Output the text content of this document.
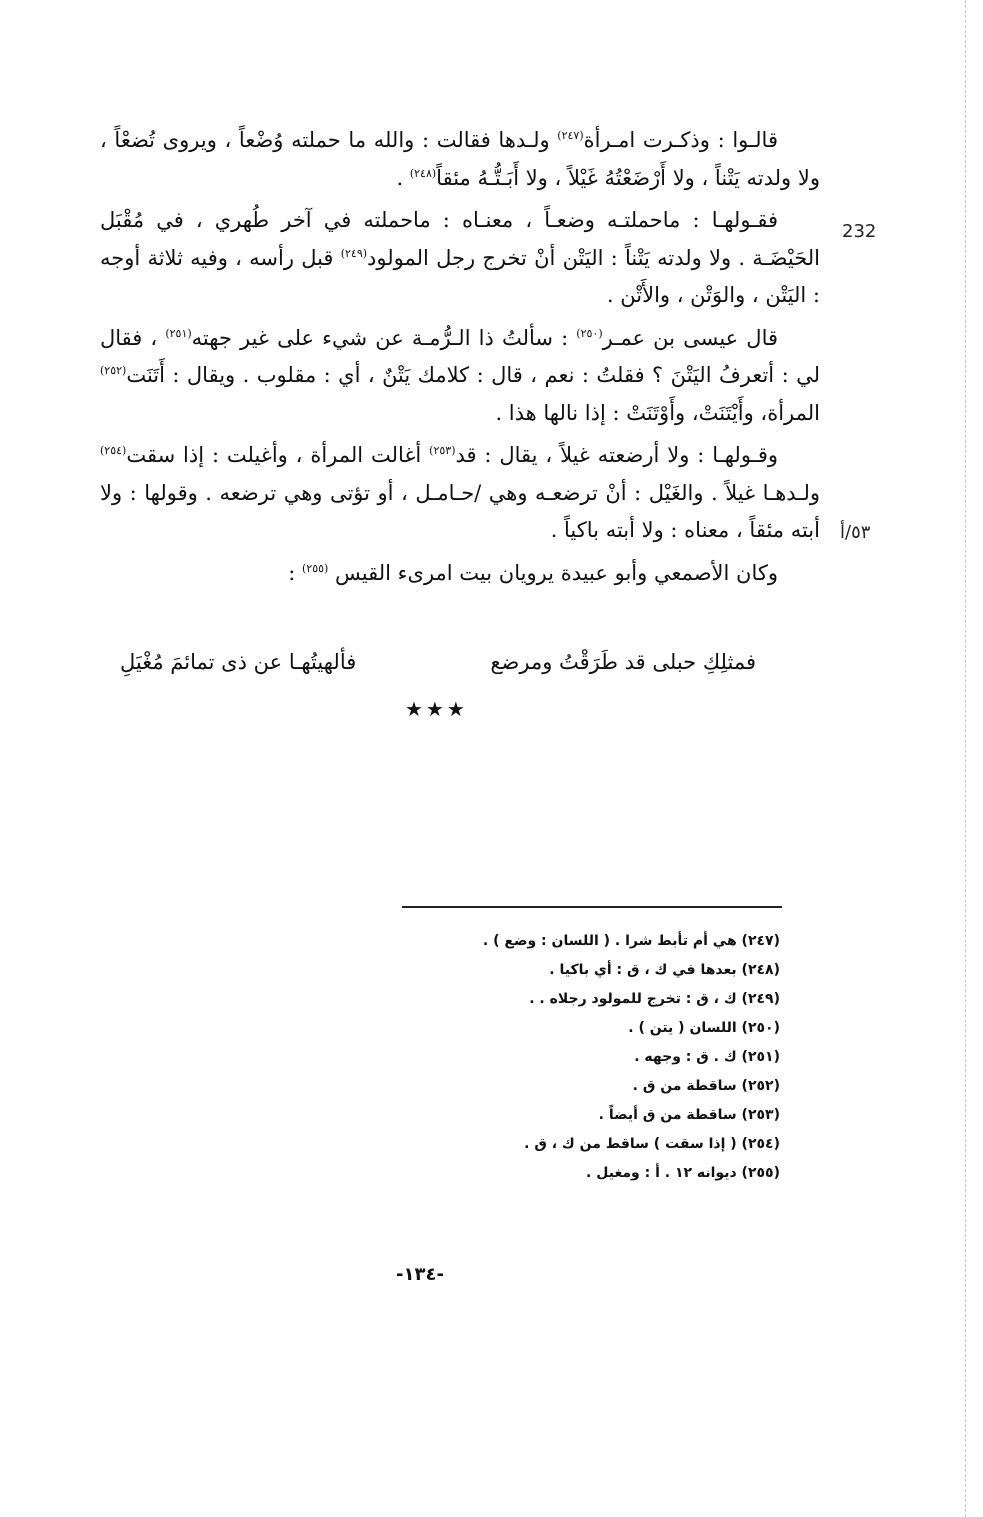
قالـوا : وذكـرت امـرأة$^{(٢٤٧)}$ ولـدها فقالت : والله ما حملته وُضْعاً ، ويروى تُضعْاً ، ولا ولدته يَتْناً ، ولا أَرْضَعْتُهُ غَيْلاً ، ولا أَبَـتُّـهُ مئقاً$^{(٢٤٨)}$ .

فقـولهـا : ماحملتـه وضعـاً ، معنـاه : ماحملته في آخر طُهري ، في مُقْبَل الحَيْضَـة . ولا ولدته يَتْناً : اليَتْن أنْ تخرج رجل المولود$^{(٢٤٩)}$ قبل رأسه ، وفيه ثلاثة أوجه : اليَتْن ، والوَتْن ، والأَتْن .

قال عيسى بن عمـر$^{(٢٥٠)}$ : سألتُ ذا الـرُّمـة عن شيء على غير جهته$^{(٢٥١)}$ ، فقال لي : أتعرفُ اليَتْنَ ؟ فقلتُ : نعم ، قال : كلامك يَتْنٌ ، أي : مقلوب . ويقال : أَتَنَت$^{(٢٥٢)}$ المرأة، وأَيْتَنَتْ، وأَوْتَنَتْ : إذا نالها هذا .

وقـولهـا : ولا أرضعته غيلاً ، يقال : قد$^{(٢٥٣)}$ أغالت المرأة ، وأغيلت : إذا سقت$^{(٢٥٤)}$ ولـدهـا غيلاً . والغَيْل : أنْ ترضعـه وهي /حـامـل ، أو تؤتى وهي ترضعه . وقولها : ولا أبته مئقاً ، معناه : ولا أبته باكياً .

وكان الأصمعي وأبو عبيدة يرويان بيت امرىء القيس $^{(٢٥٥)}$ :

232
٥٣/أ
فمثلِكِ حبلى قد طَرَقْتُ ومرضع
فألهيتُهـا عن ذى تمائمَ مُغْيَلِ
★★★

(٢٤٧) هي أم تأبط شرا . ( اللسان : وضع ) .

(٢٤٨) بعدها في ك ، ق : أي باكيا .

(٢٤٩) ك ، ق : تخرج للمولود رجلاه . .

(٢٥٠) اللسان ( يتن ) .

(٢٥١) ك . ق : وجهه .

(٢٥٢) ساقطة من ق .

(٢٥٣) ساقطة من ق أيضاً .

(٢٥٤) ( إذا سقت ) ساقط من ك ، ق .

(٢٥٥) ديوانه ١٢ . أ : ومغيل .

-١٣٤-
